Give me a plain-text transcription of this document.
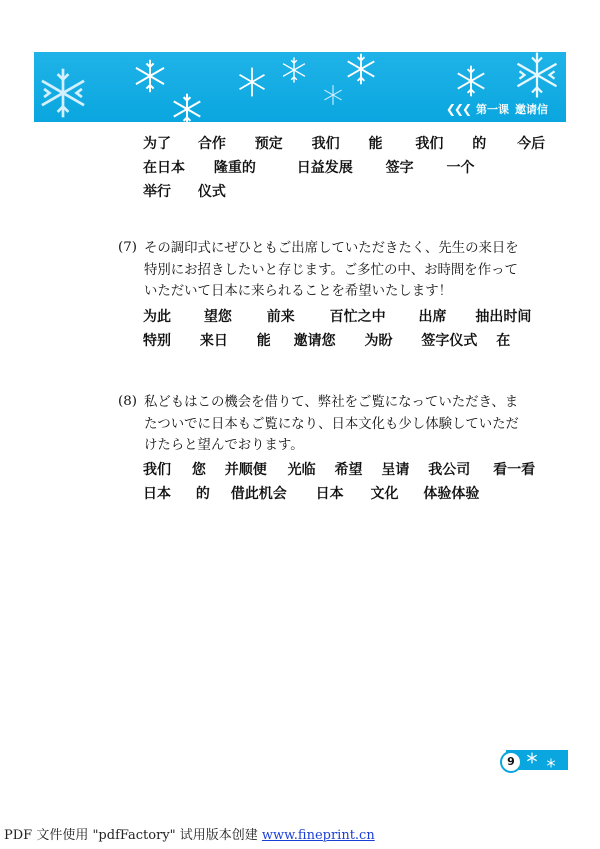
❮❮❮ 第一课 邀请信
为了 合作 预定 我们 能 我们 的 今后
在日本 隆重的	日益发展 签字 一个
举行 仪式
(7) その調印式にぜひともご出席していただきたく、先生の来日を
特別にお招きしたいと存じます。ご多忙の中、お時間を作って
いただいて日本に来られることを希望いたします！
为此 望您 前来 百忙之中 出席 抽出时间
特别 来日 能 邀请您 为盼 签字仪式 在
(8) 私どもはこの機会を借りて、弊社をご覧になっていただき、ま
たついでに日本もご覧になり、日本文化も少し体験していただ
けたらと望んでおります。
我们 您 并顺便 光临 希望 呈请 我公司 看一看
日本 的 借此机会 日本 文化 体验体验
9
PDF 文件使用 "pdfFactory" 试用版本创建 www.fineprint.cn
